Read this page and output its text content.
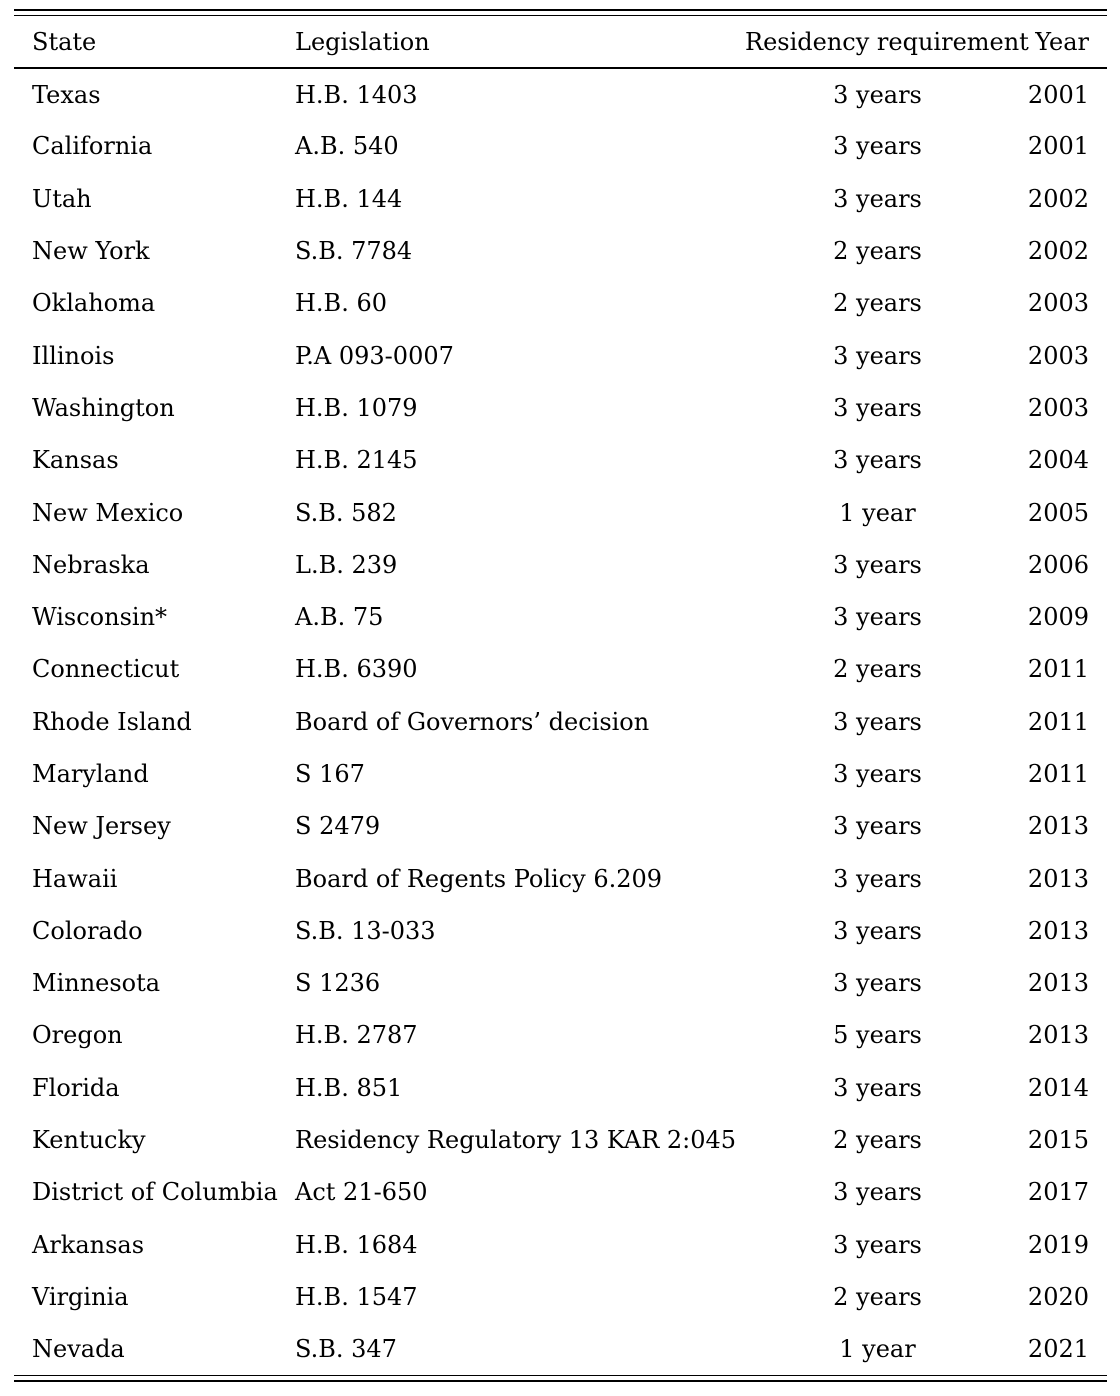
State	Legislation	Residency requirement	Year
Texas	H.B. 1403	3 years	2001
California	A.B. 540	3 years	2001
Utah	H.B. 144	3 years	2002
New York	S.B. 7784	2 years	2002
Oklahoma	H.B. 60	2 years	2003
Illinois	P.A 093-0007	3 years	2003
Washington	H.B. 1079	3 years	2003
Kansas	H.B. 2145	3 years	2004
New Mexico	S.B. 582	1 year	2005
Nebraska	L.B. 239	3 years	2006
Wisconsin*	A.B. 75	3 years	2009
Connecticut	H.B. 6390	2 years	2011
Rhode Island	Board of Governors’ decision	3 years	2011
Maryland	S 167	3 years	2011
New Jersey	S 2479	3 years	2013
Hawaii	Board of Regents Policy 6.209	3 years	2013
Colorado	S.B. 13-033	3 years	2013
Minnesota	S 1236	3 years	2013
Oregon	H.B. 2787	5 years	2013
Florida	H.B. 851	3 years	2014
Kentucky	Residency Regulatory 13 KAR 2:045	2 years	2015
District of Columbia	Act 21-650	3 years	2017
Arkansas	H.B. 1684	3 years	2019
Virginia	H.B. 1547	2 years	2020
Nevada	S.B. 347	1 year	2021
